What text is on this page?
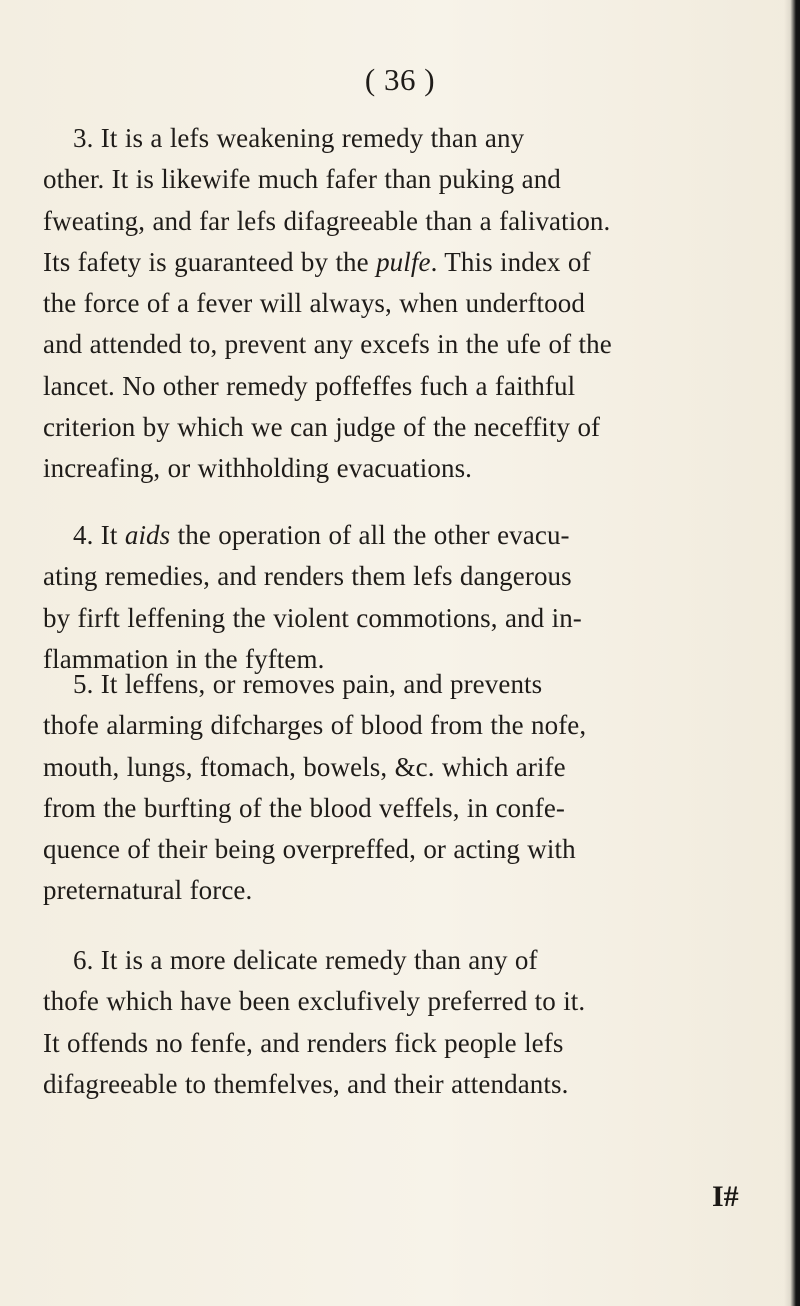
( 36 )
3. It is a lefs weakening remedy than any
other. It is likewife much fafer than puking and
fweating, and far lefs difagreeable than a falivation.
Its fafety is guaranteed by the pulfe. This index of
the force of a fever will always, when underftood
and attended to, prevent any excefs in the ufe of the
lancet. No other remedy poffeffes fuch a faithful
criterion by which we can judge of the neceffity of
increafing, or withholding evacuations.
4. It aids the operation of all the other evacu-
ating remedies, and renders them lefs dangerous
by firft leffening the violent commotions, and in-
flammation in the fyftem.
5. It leffens, or removes pain, and prevents
thofe alarming difcharges of blood from the nofe,
mouth, lungs, ftomach, bowels, &c. which arife
from the burfting of the blood veffels, in confe-
quence of their being overpreffed, or acting with
preternatural force.
6. It is a more delicate remedy than any of
thofe which have been exclufively preferred to it.
It offends no fenfe, and renders fick people lefs
difagreeable to themfelves, and their attendants.
I#
